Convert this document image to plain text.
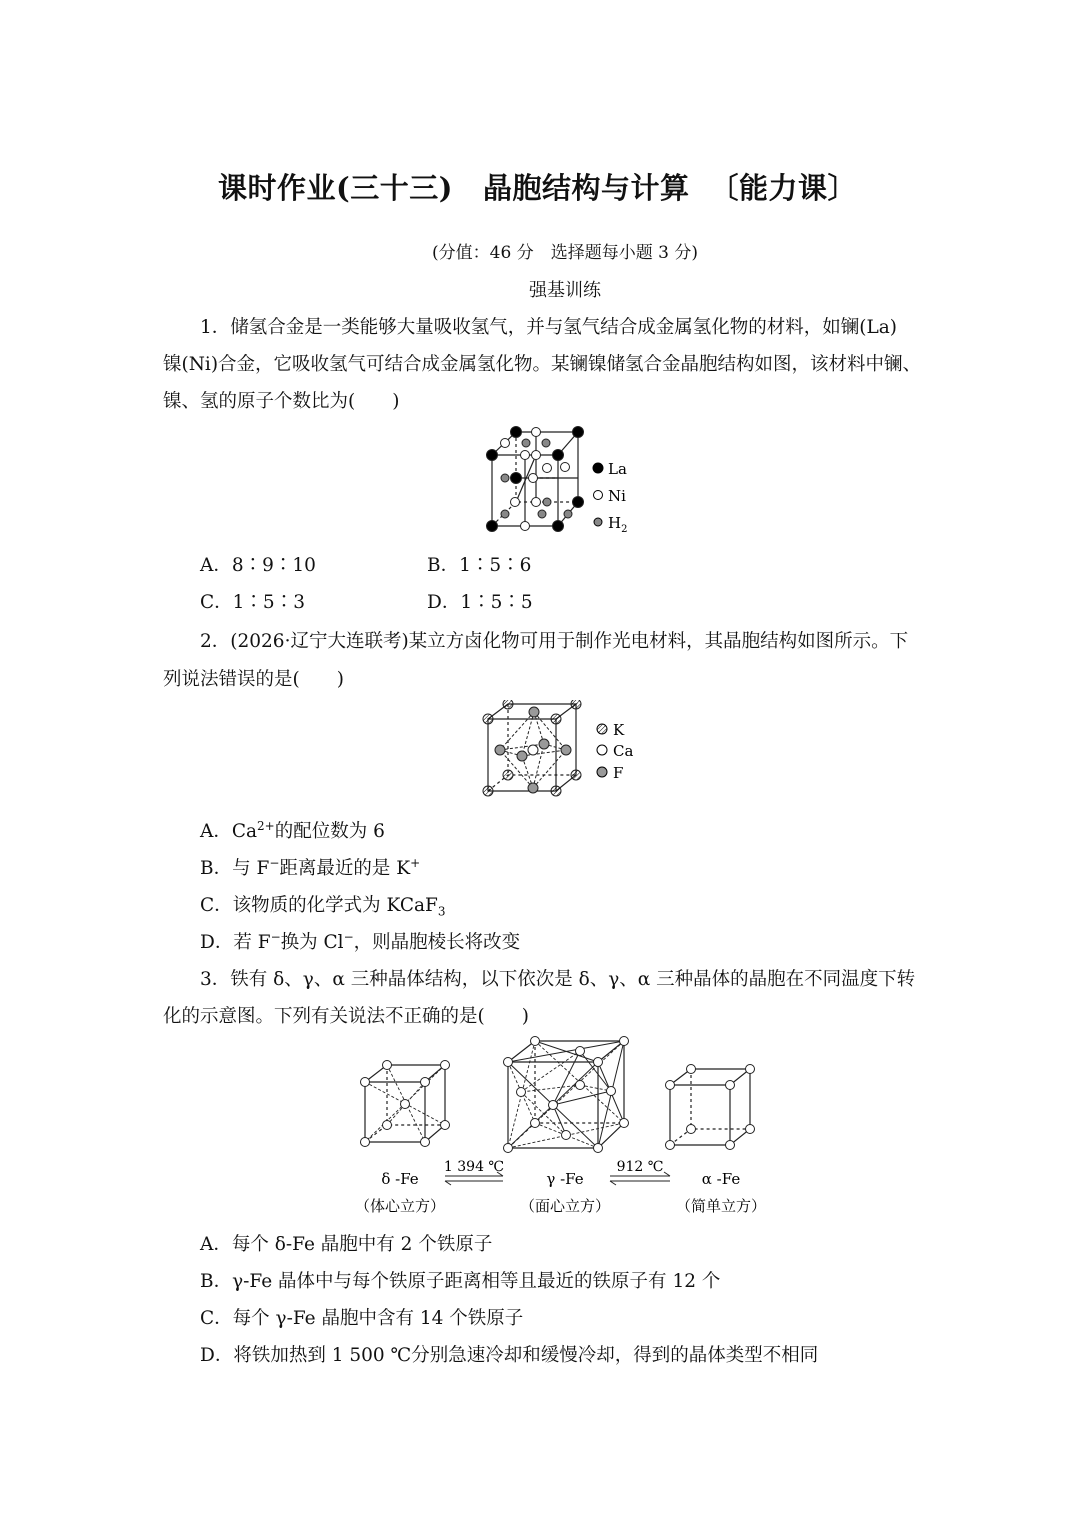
课时作业(三十三) 晶胞结构与计算 〔能力课〕
(分值：46 分　选择题每小题 3 分)
强基训练
1．储氢合金是一类能够大量吸收氢气，并与氢气结合成金属氢化物的材料，如镧(La)
镍(Ni)合金，它吸收氢气可结合成金属氢化物。某镧镍储氢合金晶胞结构如图，该材料中镧、
镍、氢的原子个数比为(　　)
La
Ni
$H_2$
A．8∶9∶10	B．1∶5∶6
C．1∶5∶3	D．1∶5∶5
2．(2026·辽宁大连联考)某立方卤化物可用于制作光电材料，其晶胞结构如图所示。下
列说法错误的是(　　)
K
Ca
F
A．$Ca^{2+}$的配位数为 6
B．与 F−距离最近的是 K+
C．该物质的化学式为 KCaF$_3$
D．若 F−换为 Cl−，则晶胞棱长将改变
3．铁有 δ、γ、α 三种晶体结构，以下依次是 δ、γ、α 三种晶体的晶胞在不同温度下转
化的示意图。下列有关说法不正确的是(　　)
1 394 ℃	912 ℃
δ -Fe
（体心立方）
γ -Fe
（面心立方）
α -Fe
（简单立方）
A．每个 δ-Fe 晶胞中有 2 个铁原子
B．γ-Fe 晶体中与每个铁原子距离相等且最近的铁原子有 12 个
C．每个 γ-Fe 晶胞中含有 14 个铁原子
D．将铁加热到 1 500 ℃分别急速冷却和缓慢冷却，得到的晶体类型不相同
